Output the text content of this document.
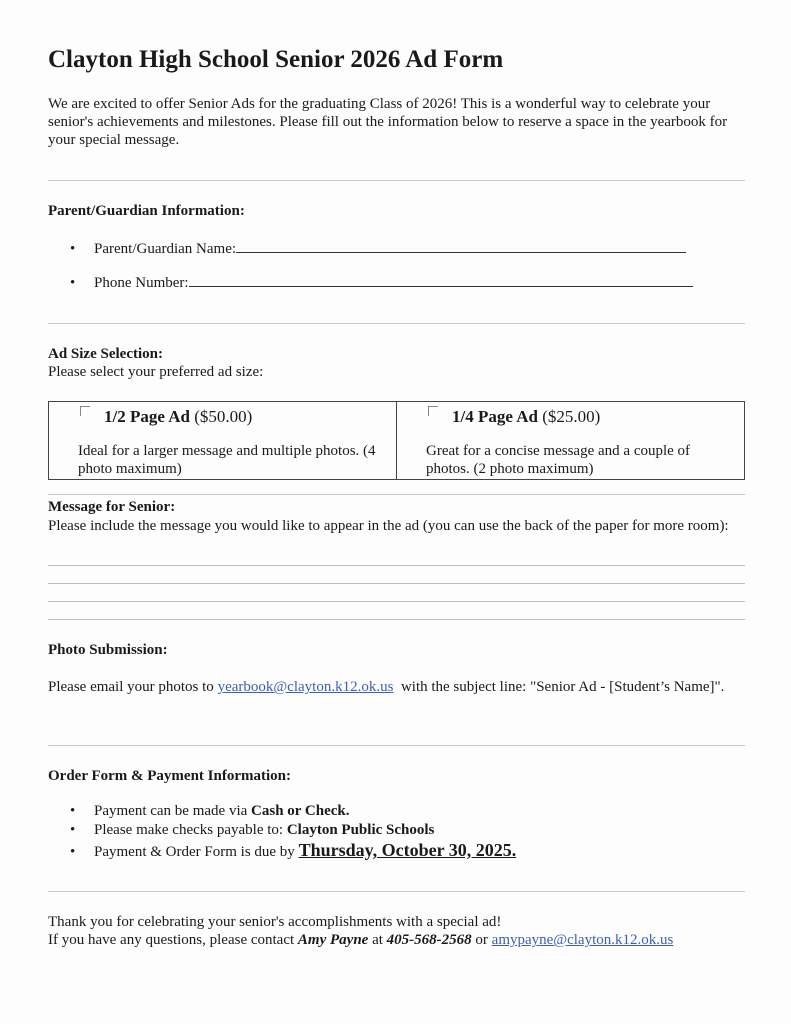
Clayton High School Senior 2026 Ad Form
We are excited to offer Senior Ads for the graduating Class of 2026! This is a wonderful way to celebrate your senior's achievements and milestones. Please fill out the information below to reserve a space in the yearbook for your special message.
Parent/Guardian Information:
• Parent/Guardian Name:
• Phone Number:
Ad Size Selection:
Please select your preferred ad size:
1/2 Page Ad ($50.00)
Ideal for a larger message and multiple photos. (4 photo maximum)

1/4 Page Ad ($25.00)
Great for a concise message and a couple of photos. (2 photo maximum)
Message for Senior:
Please include the message you would like to appear in the ad (you can use the back of the paper for more room):
Photo Submission:
Please email your photos to yearbook@clayton.k12.ok.us  with the subject line: "Senior Ad - [Student’s Name]".
Order Form & Payment Information:
• Payment can be made via Cash or Check.
• Please make checks payable to: Clayton Public Schools
• Payment & Order Form is due by Thursday, October 30, 2025.
Thank you for celebrating your senior's accomplishments with a special ad!
If you have any questions, please contact Amy Payne at 405-568-2568 or amypayne@clayton.k12.ok.us
